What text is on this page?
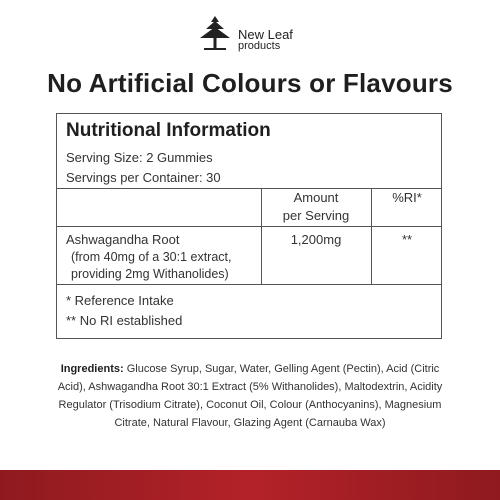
New Leaf
products
No Artificial Colours or Flavours
Nutritional Information
Serving Size: 2 Gummies
Servings per Container: 30
Amount
per Serving
%RI*
Ashwagandha Root
(from 40mg of a 30:1 extract,
providing 2mg Withanolides)
1,200mg	**
* Reference Intake
** No RI established
Ingredients: Glucose Syrup, Sugar, Water, Gelling Agent (Pectin), Acid (Citric Acid), Ashwagandha Root 30:1 Extract (5% Withanolides), Maltodextrin, Acidity Regulator (Trisodium Citrate), Coconut Oil, Colour (Anthocyanins), Magnesium Citrate, Natural Flavour, Glazing Agent (Carnauba Wax)
